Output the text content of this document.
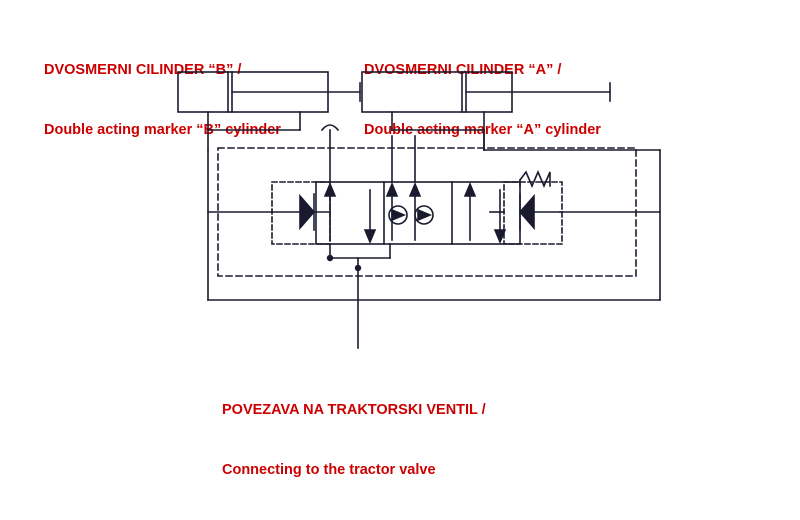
DVOSMERNI CILINDER “B” /

Double acting marker “B” cylinder

DVOSMERNI CILINDER “A” /

Double acting marker “A” cylinder

POVEZAVA NA TRAKTORSKI VENTIL /

Connecting to the tractor valve
